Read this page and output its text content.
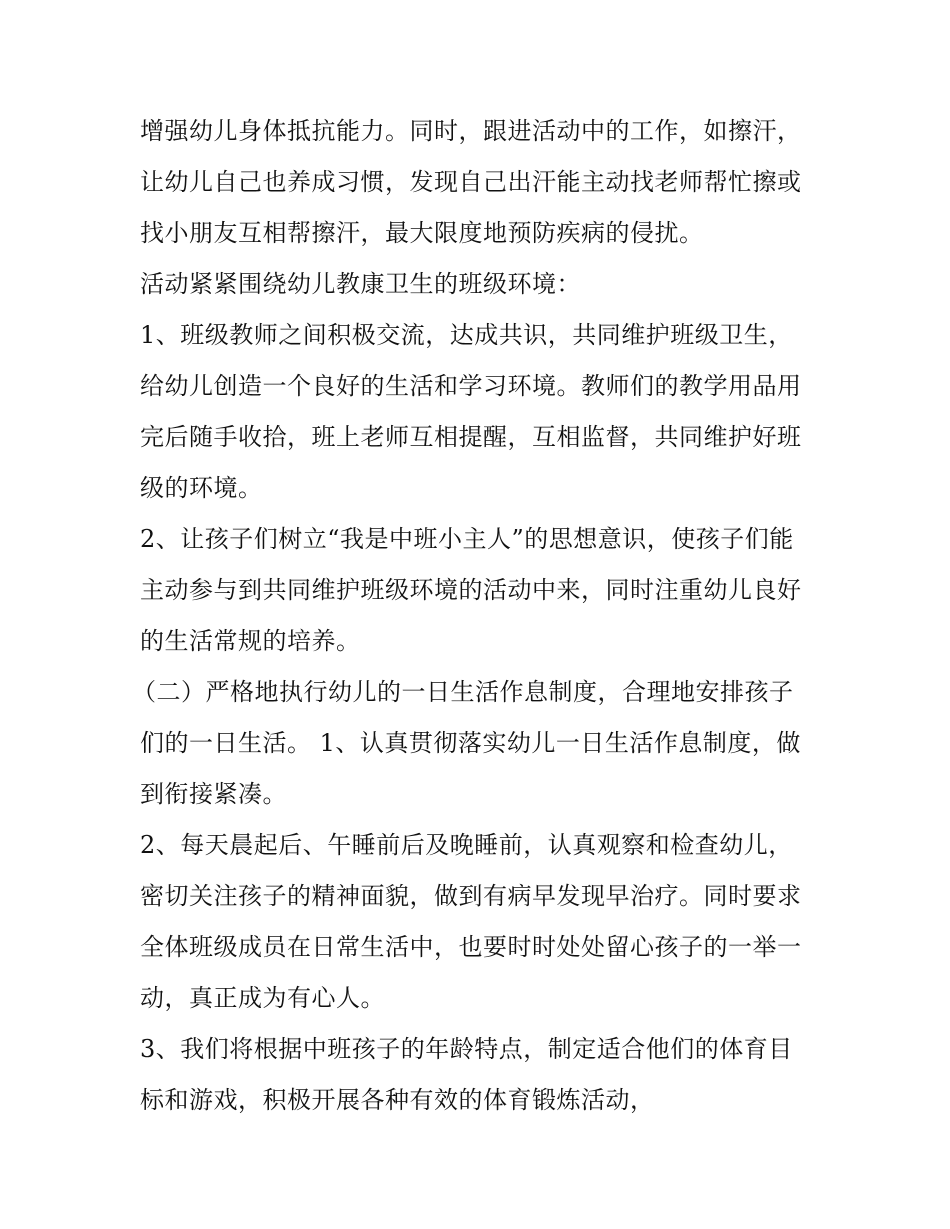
增强幼儿身体抵抗能力。同时，跟进活动中的工作，如擦汗，
让幼儿自己也养成习惯，发现自己出汗能主动找老师帮忙擦或
找小朋友互相帮擦汗，最大限度地预防疾病的侵扰。
活动紧紧围绕幼儿教康卫生的班级环境：
1、班级教师之间积极交流，达成共识，共同维护班级卫生，
给幼儿创造一个良好的生活和学习环境。教师们的教学用品用
完后随手收拾，班上老师互相提醒，互相监督，共同维护好班
级的环境。
2、让孩子们树立“我是中班小主人”的思想意识，使孩子们能
主动参与到共同维护班级环境的活动中来，同时注重幼儿良好
的生活常规的培养。
（二）严格地执行幼儿的一日生活作息制度，合理地安排孩子
们的一日生活。 1、认真贯彻落实幼儿一日生活作息制度，做
到衔接紧凑。
2、每天晨起后、午睡前后及晚睡前，认真观察和检查幼儿，
密切关注孩子的精神面貌，做到有病早发现早治疗。同时要求
全体班级成员在日常生活中，也要时时处处留心孩子的一举一
动，真正成为有心人。
3、我们将根据中班孩子的年龄特点，制定适合他们的体育目
标和游戏，积极开展各种有效的体育锻炼活动，
